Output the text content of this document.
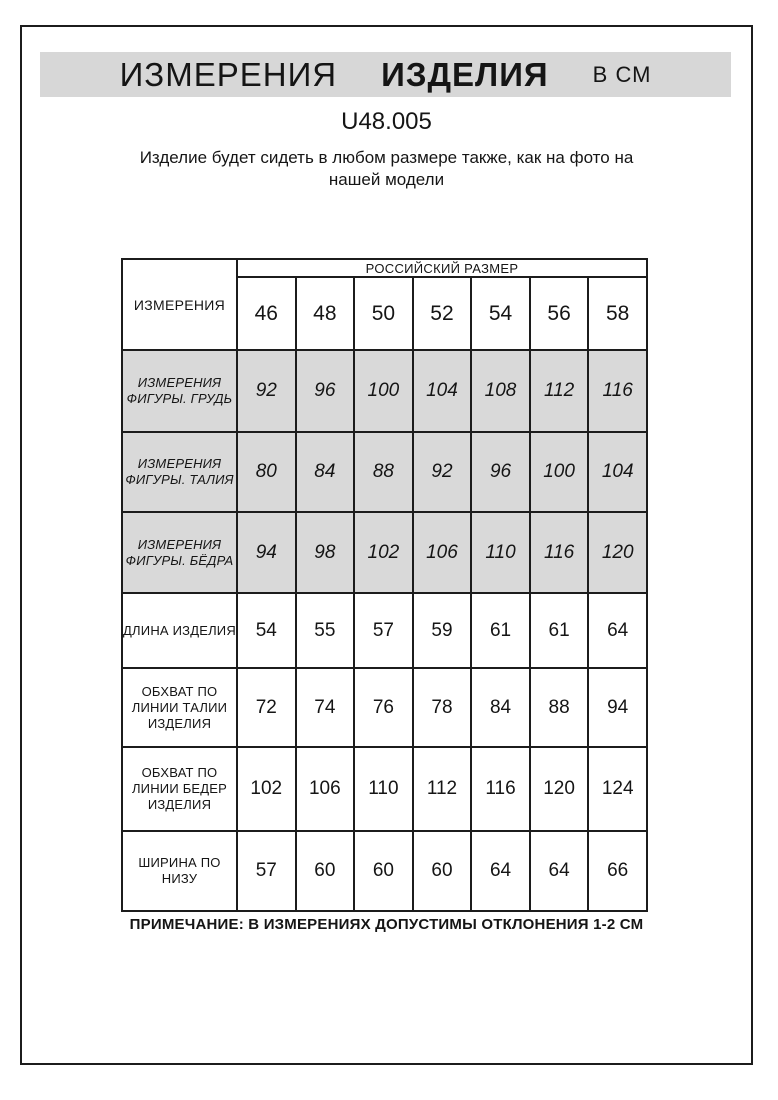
ИЗМЕРЕНИЯ ИЗДЕЛИЯ В СМ
U48.005
Изделие будет сидеть в любом размере также, как на фото на
нашей модели
ИЗМЕРЕНИЯ	РОССИЙСКИЙ РАЗМЕР						
	46	48	50	52	54	56	58
ИЗМЕРЕНИЯ ФИГУРЫ. ГРУДЬ	92	96	100	104	108	112	116
ИЗМЕРЕНИЯ ФИГУРЫ. ТАЛИЯ	80	84	88	92	96	100	104
ИЗМЕРЕНИЯ ФИГУРЫ. БЁДРА	94	98	102	106	110	116	120
ДЛИНА ИЗДЕЛИЯ	54	55	57	59	61	61	64
ОБХВАТ ПО ЛИНИИ ТАЛИИ ИЗДЕЛИЯ	72	74	76	78	84	88	94
ОБХВАТ ПО ЛИНИИ БЕДЕР ИЗДЕЛИЯ	102	106	110	112	116	120	124
ШИРИНА ПО НИЗУ	57	60	60	60	64	64	66
ПРИМЕЧАНИЕ: В ИЗМЕРЕНИЯХ ДОПУСТИМЫ ОТКЛОНЕНИЯ 1-2 СМ
